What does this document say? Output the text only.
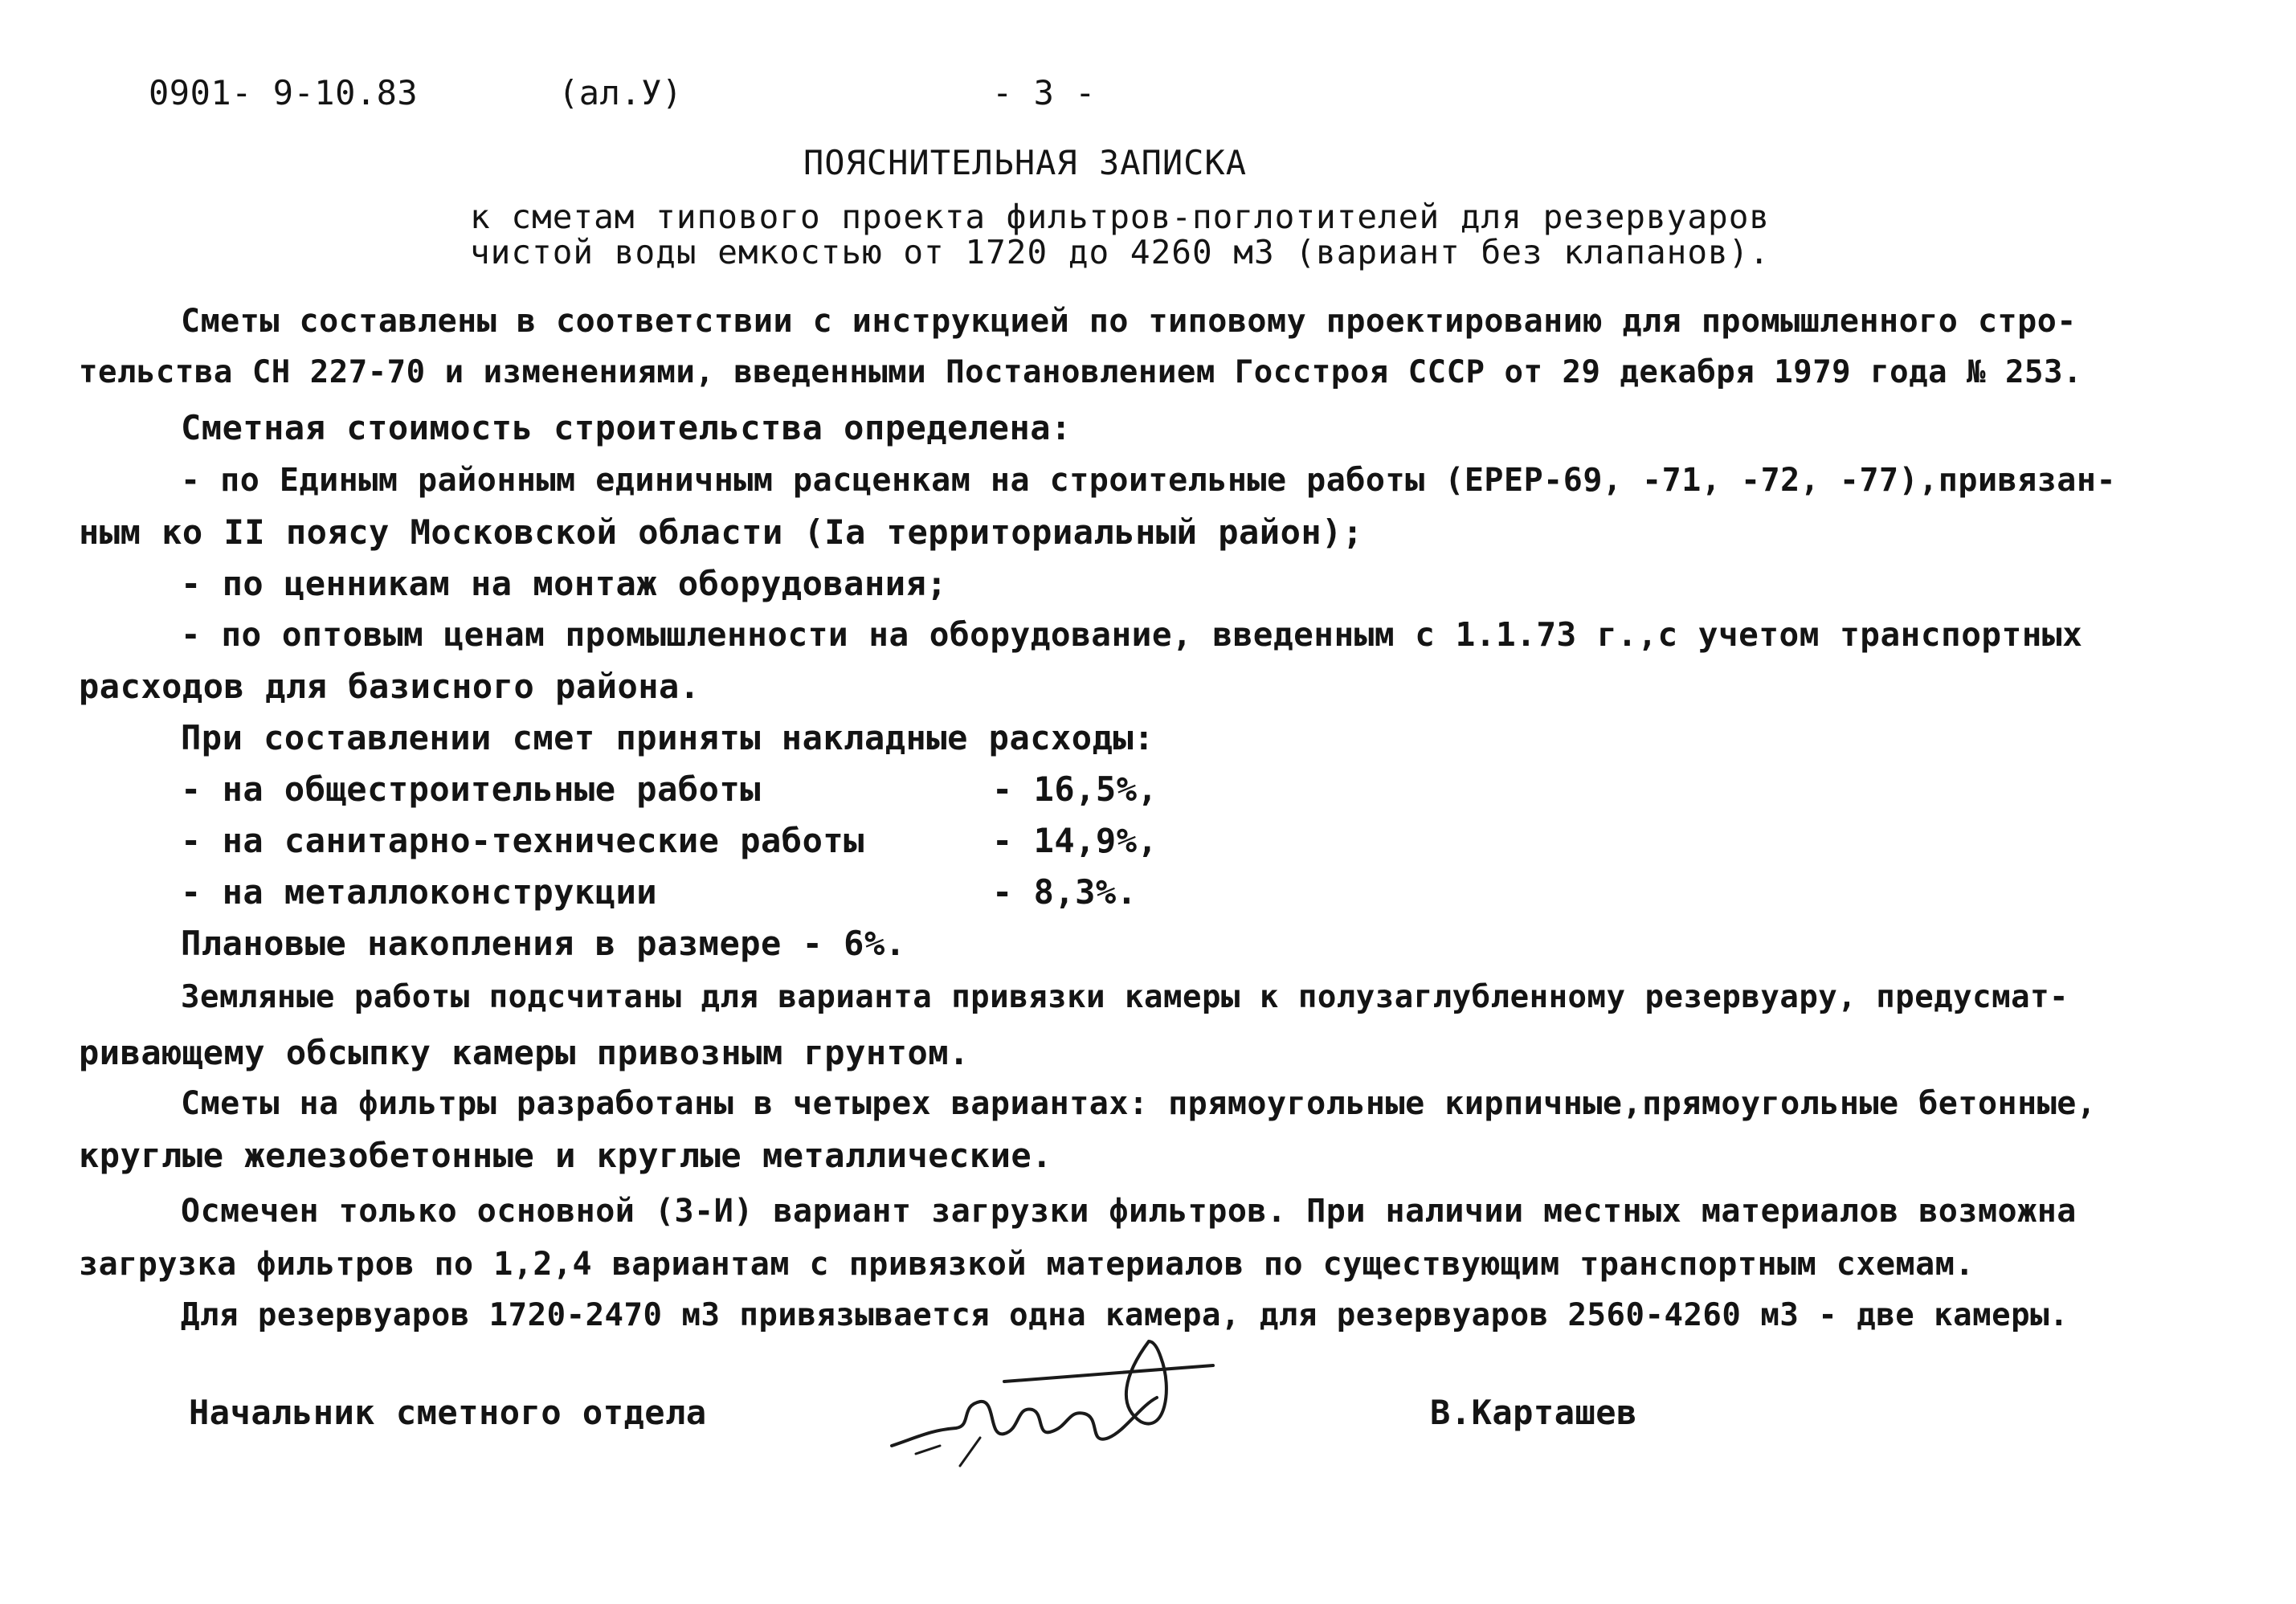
0901- 9-10.83	(ал.У)	- 3 -
ПОЯСНИТЕЛЬНАЯ ЗАПИСКА
к сметам типового проекта фильтров-поглотителей для резервуаров
чистой воды емкостью от 1720 до 4260 м3 (вариант без клапанов).
Сметы составлены в соответствии с инструкцией по типовому проектированию для промышленного стро-
тельства СН 227-70 и изменениями, введенными Постановлением Госстроя СССР от 29 декабря 1979 года № 253.
Сметная стоимость строительства определена:
- по Единым районным единичным расценкам на строительные работы (ЕРЕР-69, -71, -72, -77),привязан-
ным ко II поясу Московской области (Iа территориальный район);
- по ценникам на монтаж оборудования;
- по оптовым ценам промышленности на оборудование, введенным с 1.1.73 г.,с учетом транспортных
расходов для базисного района.
При составлении смет приняты накладные расходы:
- на общестроительные работы	- 16,5%,
- на санитарно-технические работы	- 14,9%,
- на металлоконструкции	- 8,3%.
Плановые накопления в размере - 6%.
Земляные работы подсчитаны для варианта привязки камеры к полузаглубленному резервуару, предусмат-
ривающему обсыпку камеры привозным грунтом.
Сметы на фильтры разработаны в четырех вариантах: прямоугольные кирпичные,прямоугольные бетонные,
круглые железобетонные и круглые металлические.
Осмечен только основной (З-И) вариант загрузки фильтров. При наличии местных материалов возможна
загрузка фильтров по 1,2,4 вариантам с привязкой материалов по существующим транспортным схемам.
Для резервуаров 1720-2470 м3 привязывается одна камера, для резервуаров 2560-4260 м3 - две камеры.
Начальник сметного отдела	В.Карташев
